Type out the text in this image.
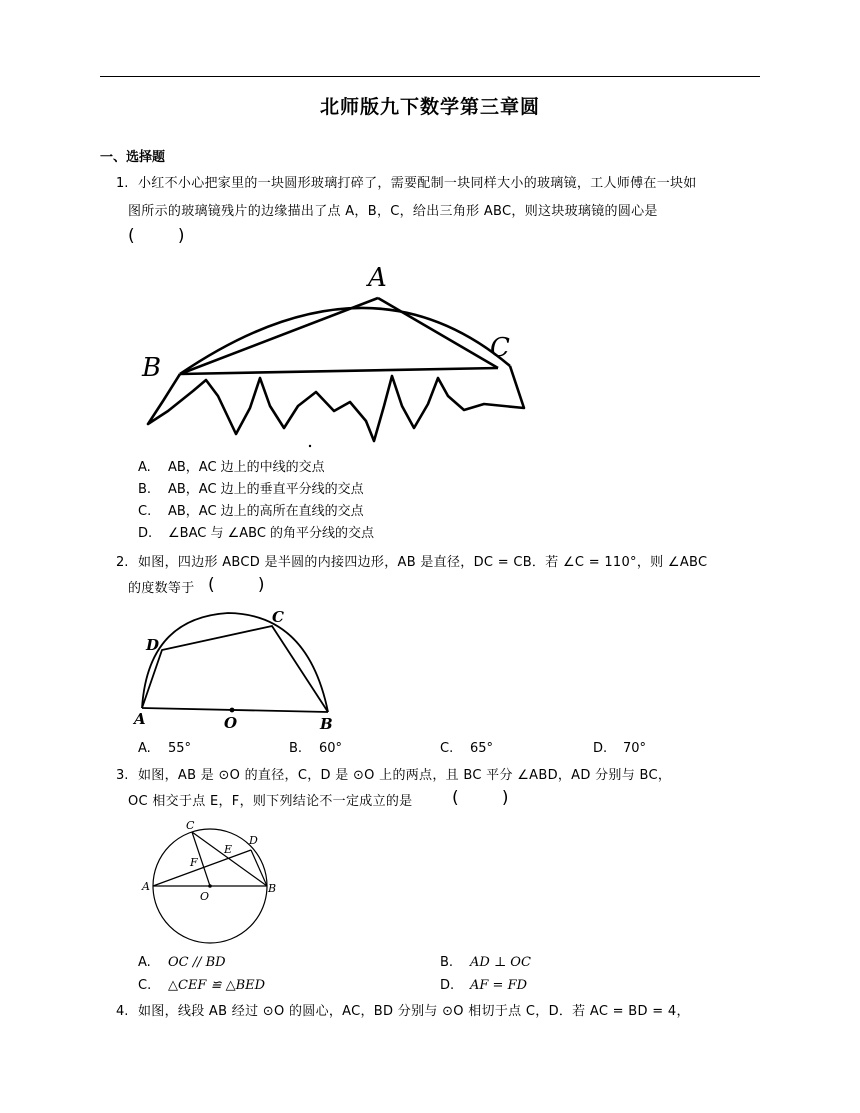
北师版九下数学第三章圆
一、选择题
1. 小红不小心把家里的一块圆形玻璃打碎了，需要配制一块同样大小的玻璃镜，工人师傅在一块如
图所示的玻璃镜残片的边缘描出了点 A，B，C，给出三角形 ABC，则这块玻璃镜的圆心是
(        )
A
B
C
A. AB，AC 边上的中线的交点
B. AB，AC 边上的垂直平分线的交点
C. AB，AC 边上的高所在直线的交点
D. ∠BAC 与 ∠ABC 的角平分线的交点
2. 如图，四边形 ABCD 是半圆的内接四边形，AB 是直径，DC = CB．若 ∠C = 110°，则 ∠ABC
的度数等于 (        )
A	B
C
D
O
A. 55°	B. 60°	C. 65°	D. 70°
3. 如图，AB 是 ⊙O 的直径，C，D 是 ⊙O 上的两点，且 BC 平分 ∠ABD，AD 分别与 BC，
OC 相交于点 E，F，则下列结论不一定成立的是 (        )
A	B
C
D
E
F
O
A. OC // BD	B. AD ⊥ OC
C. △CEF ≌ △BED	D. AF = FD
4. 如图，线段 AB 经过 ⊙O 的圆心，AC，BD 分别与 ⊙O 相切于点 C，D．若 AC = BD = 4，
